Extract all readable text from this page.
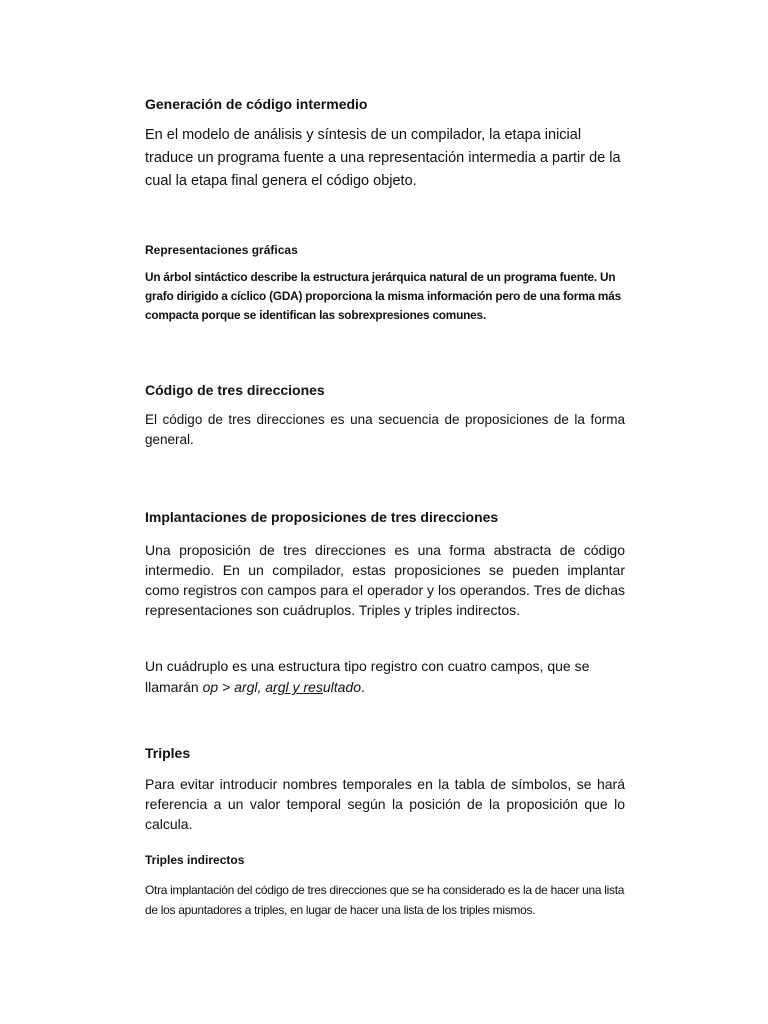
Generación de código intermedio

En el modelo de análisis y síntesis de un compilador, la etapa inicial traduce un programa fuente a una representación intermedia a partir de la cual la etapa final genera el código objeto.

Representaciones gráficas

Un árbol sintáctico describe la estructura jerárquica natural de un programa fuente. Un grafo dirigido a cíclico (GDA) proporciona la misma información pero de una forma más compacta porque se identifican las sobrexpresiones comunes.

Código de tres direcciones

El código de tres direcciones es una secuencia de proposiciones de la forma general.

Implantaciones de proposiciones de tres direcciones

Una proposición de tres direcciones es una forma abstracta de código intermedio. En un compilador, estas proposiciones se pueden implantar como registros con campos para el operador y los operandos. Tres de dichas representaciones son cuádruplos. Triples y triples indirectos.

Un cuádruplo es una estructura tipo registro con cuatro campos, que se llamarán op > argl, argl y resultado.

Triples

Para evitar introducir nombres temporales en la tabla de símbolos, se hará referencia a un valor temporal según la posición de la proposición que lo calcula.

Triples indirectos

Otra implantación del código de tres direcciones que se ha considerado es la de hacer una lista de los apuntadores a triples, en lugar de hacer una lista de los triples mismos.
